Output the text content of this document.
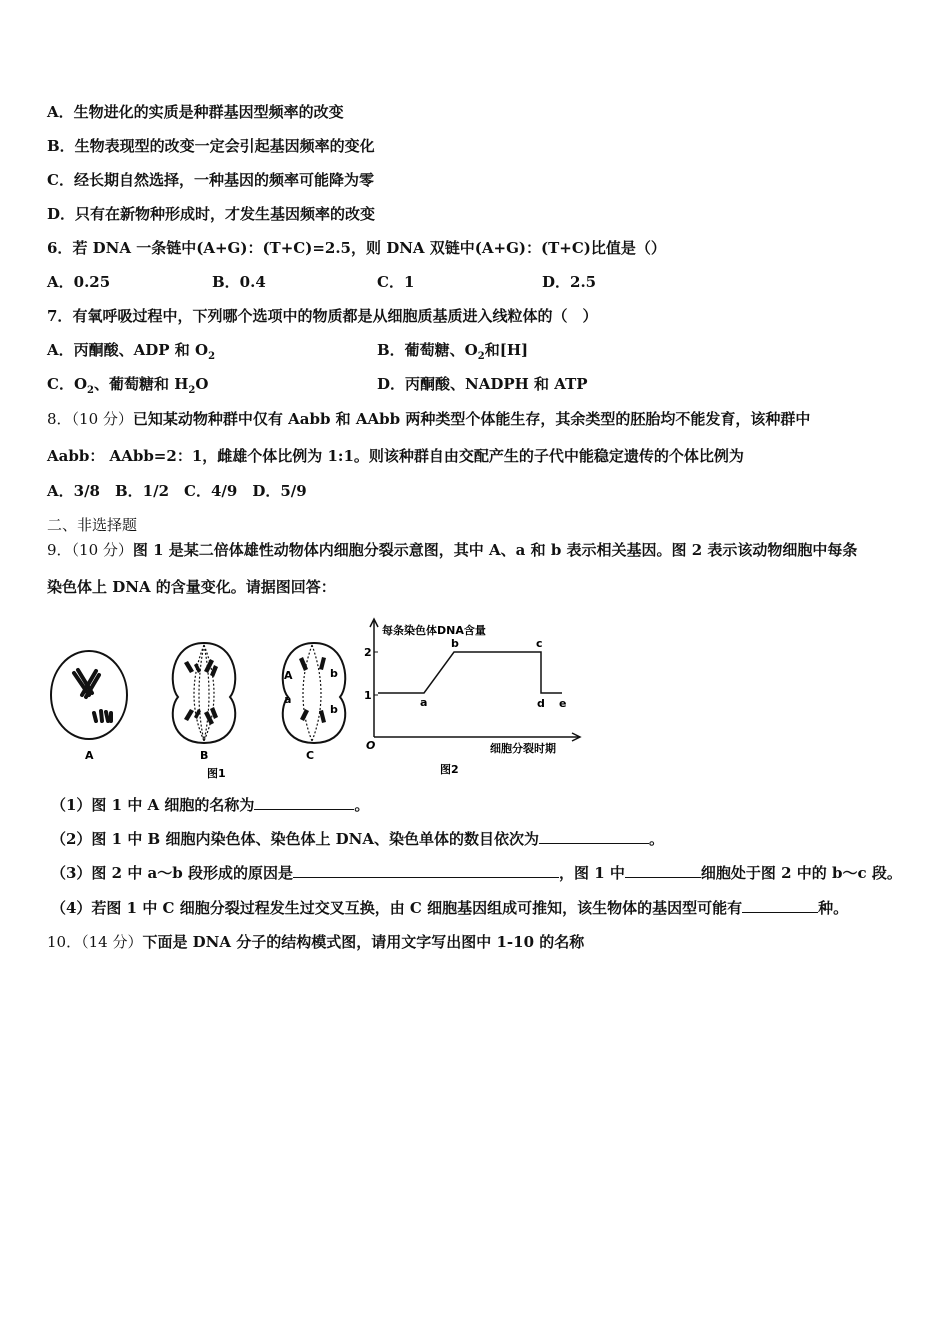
A．生物进化的实质是种群基因型频率的改变
B．生物表现型的改变一定会引起基因频率的变化
C．经长期自然选择，一种基因的频率可能降为零
D．只有在新物种形成时，才发生基因频率的改变
6．若 DNA 一条链中(A+G)：(T+C)=2.5，则 DNA 双链中(A+G)：(T+C)比值是（）
A．0.25	B．0.4	C．1	D．2.5
7．有氧呼吸过程中，下列哪个选项中的物质都是从细胞质基质进入线粒体的（　）
A．丙酮酸、ADP 和 $O_2$	B．葡萄糖、$O_2$和[H]
C．$O_2$、葡萄糖和 $H_2O$	D．丙酮酸、NADPH 和 ATP
8．（10 分）已知某动物种群中仅有 Aabb 和 AAbb 两种类型个体能生存，其余类型的胚胎均不能发育，该种群中
Aabb： AAbb=2：1，雌雄个体比例为 1:1。则该种群自由交配产生的子代中能稳定遗传的个体比例为
A．3/8　B．1/2　C．4/9　D．5/9
二、非选择题
9．（10 分）图 1 是某二倍体雄性动物体内细胞分裂示意图，其中 A、a 和 b 表示相关基因。图 2 表示该动物细胞中每条
染色体上 DNA 的含量变化。请据图回答：
A	B
A
a
b
b
C
图1
每条染色体DNA含量
细胞分裂时期
O
2
1
a
b	c
d e
图2
（1）图 1 中 A 细胞的名称为	。
（2）图 1 中 B 细胞内染色体、染色体上 DNA、染色单体的数目依次为	。
（3）图 2 中 a～b 段形成的原因是	，图 1 中	细胞处于图 2 中的 b～c 段。
（4）若图 1 中 C 细胞分裂过程发生过交叉互换，由 C 细胞基因组成可推知，该生物体的基因型可能有	种。
10．（14 分）下面是 DNA 分子的结构模式图，请用文字写出图中 1-10 的名称
